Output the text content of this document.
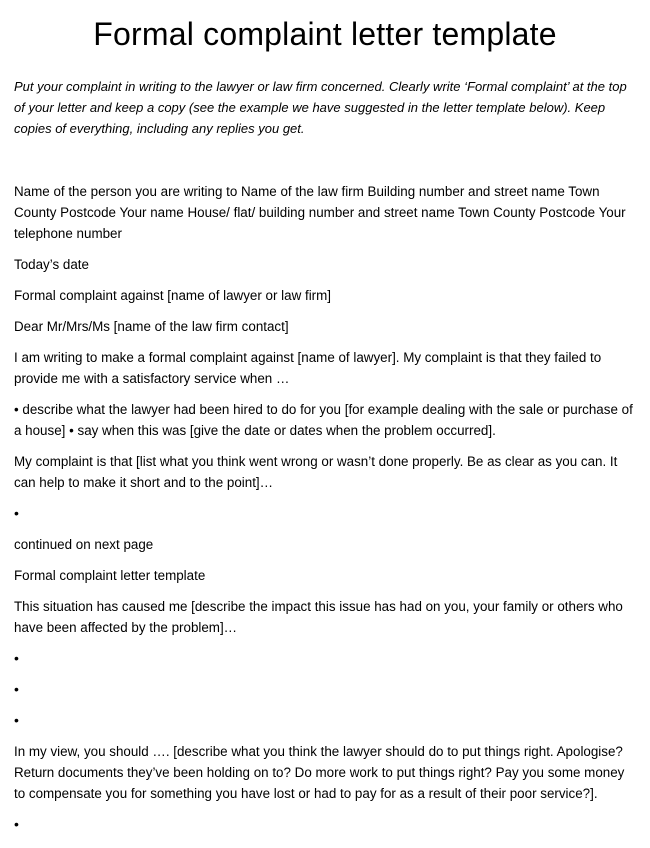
Formal complaint letter template

Put your complaint in writing to the lawyer or law firm concerned. Clearly write ‘Formal complaint’ at the top of your letter and keep a copy (see the example we have suggested in the letter template below). Keep copies of everything, including any replies you get.

Name of the person you are writing to Name of the law firm Building number and street name Town County Postcode Your name House/ flat/ building number and street name Town County Postcode Your telephone number

Today’s date

Formal complaint against [name of lawyer or law firm]

Dear Mr/Mrs/Ms [name of the law firm contact]

I am writing to make a formal complaint against [name of lawyer]. My complaint is that they failed to provide me with a satisfactory service when …

• describe what the lawyer had been hired to do for you [for example dealing with the sale or purchase of a house] • say when this was [give the date or dates when the problem occurred].

My complaint is that [list what you think went wrong or wasn’t done properly. Be as clear as you can. It can help to make it short and to the point]…

•

continued on next page

Formal complaint letter template

This situation has caused me [describe the impact this issue has had on you, your family or others who have been affected by the problem]…

•

•

•

In my view, you should …. [describe what you think the lawyer should do to put things right. Apologise? Return documents they’ve been holding on to? Do more work to put things right? Pay you some money to compensate you for something you have lost or had to pay for as a result of their poor service?].

•
